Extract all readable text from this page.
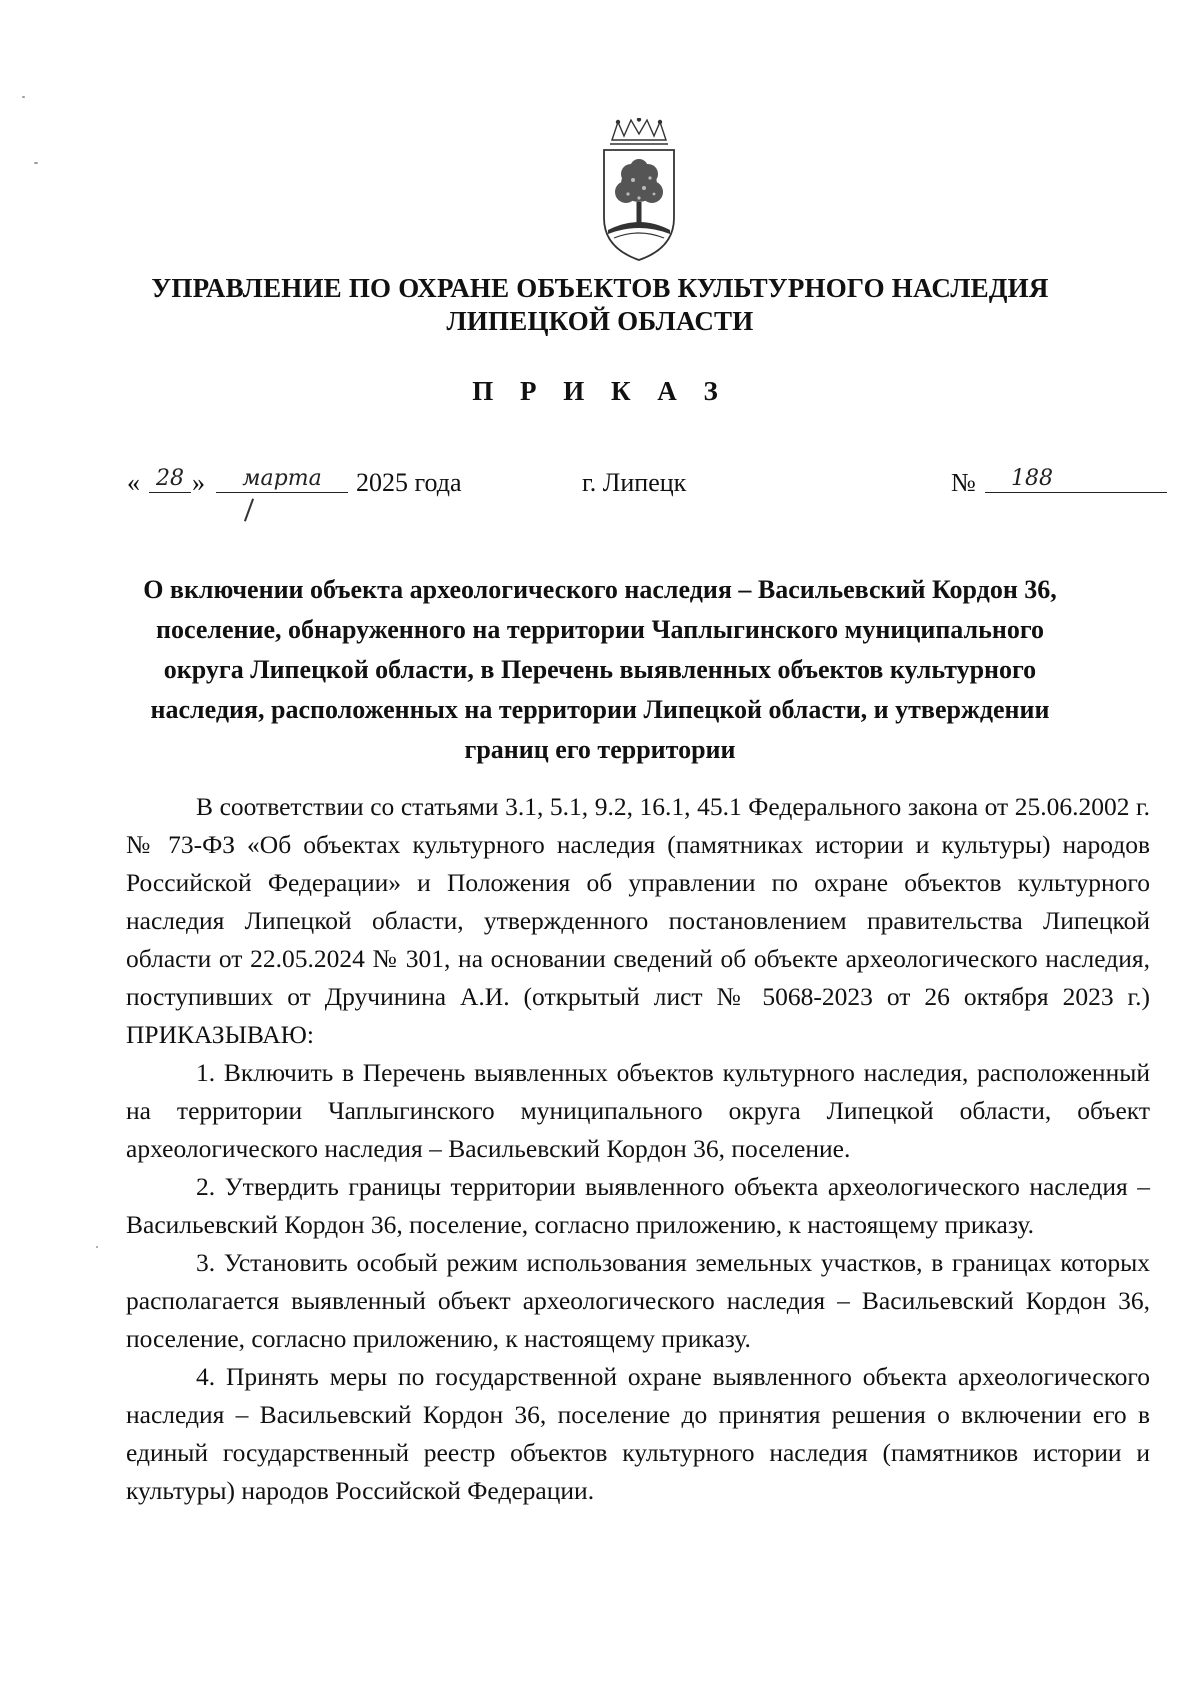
УПРАВЛЕНИЕ ПО ОХРАНЕ ОБЪЕКТОВ КУЛЬТУРНОГО НАСЛЕДИЯ
ЛИПЕЦКОЙ ОБЛАСТИ
П Р И К А З
« 28 »	марта	2025 года	г. Липецк	№	188
О включении объекта археологического наследия – Васильевский Кордон 36,
поселение, обнаруженного на территории Чаплыгинского муниципального
округа Липецкой области, в Перечень выявленных объектов культурного
наследия, расположенных на территории Липецкой области, и утверждении
границ его территории

В соответствии со статьями 3.1, 5.1, 9.2, 16.1, 45.1 Федерального закона от 25.06.2002 г. № 73-ФЗ «Об объектах культурного наследия (памятниках истории и культуры) народов Российской Федерации» и Положения об управлении по охране объектов культурного наследия Липецкой области, утвержденного постановлением правительства Липецкой области от 22.05.2024 № 301, на основании сведений об объекте археологического наследия, поступивших от Дручинина А.И. (открытый лист № 5068-2023 от 26 октября 2023 г.) ПРИКАЗЫВАЮ:

1. Включить в Перечень выявленных объектов культурного наследия, расположенный на территории Чаплыгинского муниципального округа Липецкой области, объект археологического наследия – Васильевский Кордон 36, поселение.

2. Утвердить границы территории выявленного объекта археологического наследия – Васильевский Кордон 36, поселение, согласно приложению, к настоящему приказу.

3. Установить особый режим использования земельных участков, в границах которых располагается выявленный объект археологического наследия – Васильевский Кордон 36, поселение, согласно приложению, к настоящему приказу.

4. Принять меры по государственной охране выявленного объекта археологического наследия – Васильевский Кордон 36, поселение до принятия решения о включении его в единый государственный реестр объектов культурного наследия (памятников истории и культуры) народов Российской Федерации.
